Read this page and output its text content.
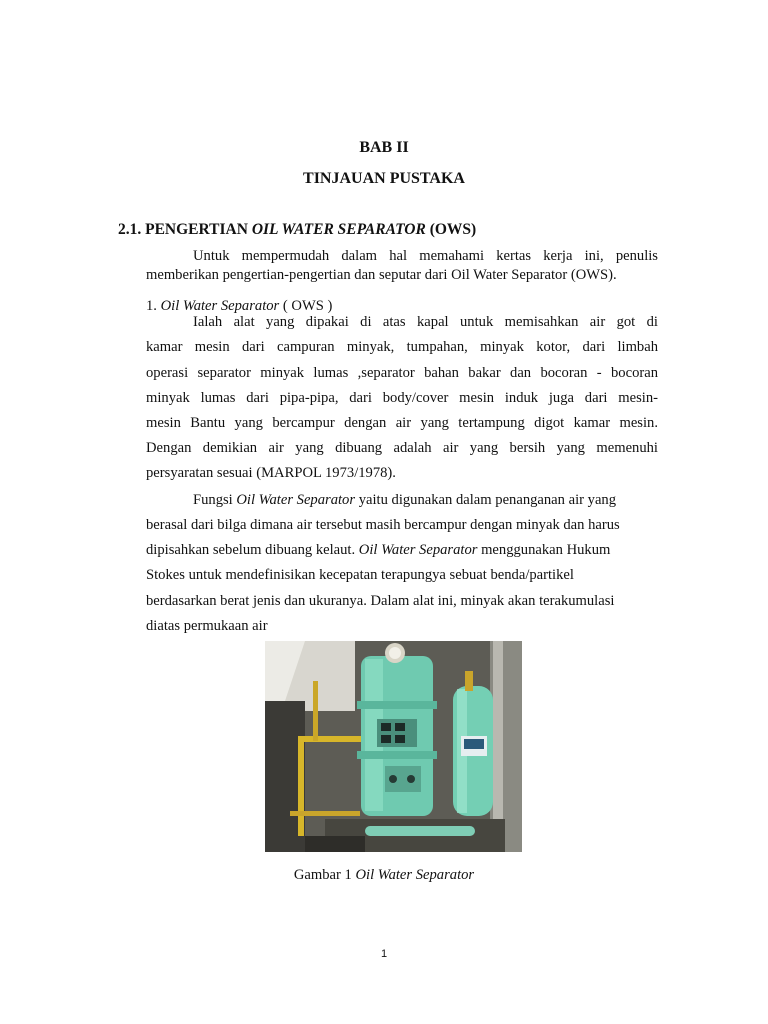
BAB II
TINJAUAN PUSTAKA
2.1. PENGERTIAN OIL WATER SEPARATOR (OWS)
Untuk mempermudah dalam hal memahami kertas kerja ini, penulis
memberikan pengertian-pengertian dan seputar dari Oil Water Separator (OWS).
1. Oil Water Separator ( OWS )
Ialah alat yang dipakai di atas kapal untuk memisahkan air got di
kamar mesin dari campuran minyak, tumpahan, minyak kotor, dari limbah
operasi separator minyak lumas ,separator bahan bakar dan bocoran - bocoran
minyak lumas dari pipa-pipa, dari body/cover mesin induk juga dari mesin-
mesin Bantu yang bercampur dengan air yang tertampung digot kamar mesin.
Dengan demikian air yang dibuang adalah air yang bersih yang memenuhi
persyaratan sesuai (MARPOL 1973/1978).
Fungsi Oil Water Separator yaitu digunakan dalam penanganan air yang
berasal dari bilga dimana air tersebut masih bercampur dengan minyak dan harus
dipisahkan sebelum dibuang kelaut. Oil Water Separator menggunakan Hukum
Stokes untuk mendefinisikan kecepatan terapungya sebuat benda/partikel
berdasarkan berat jenis dan ukuranya. Dalam alat ini, minyak akan terakumulasi
diatas permukaan air
Gambar 1 Oil Water Separator
1
